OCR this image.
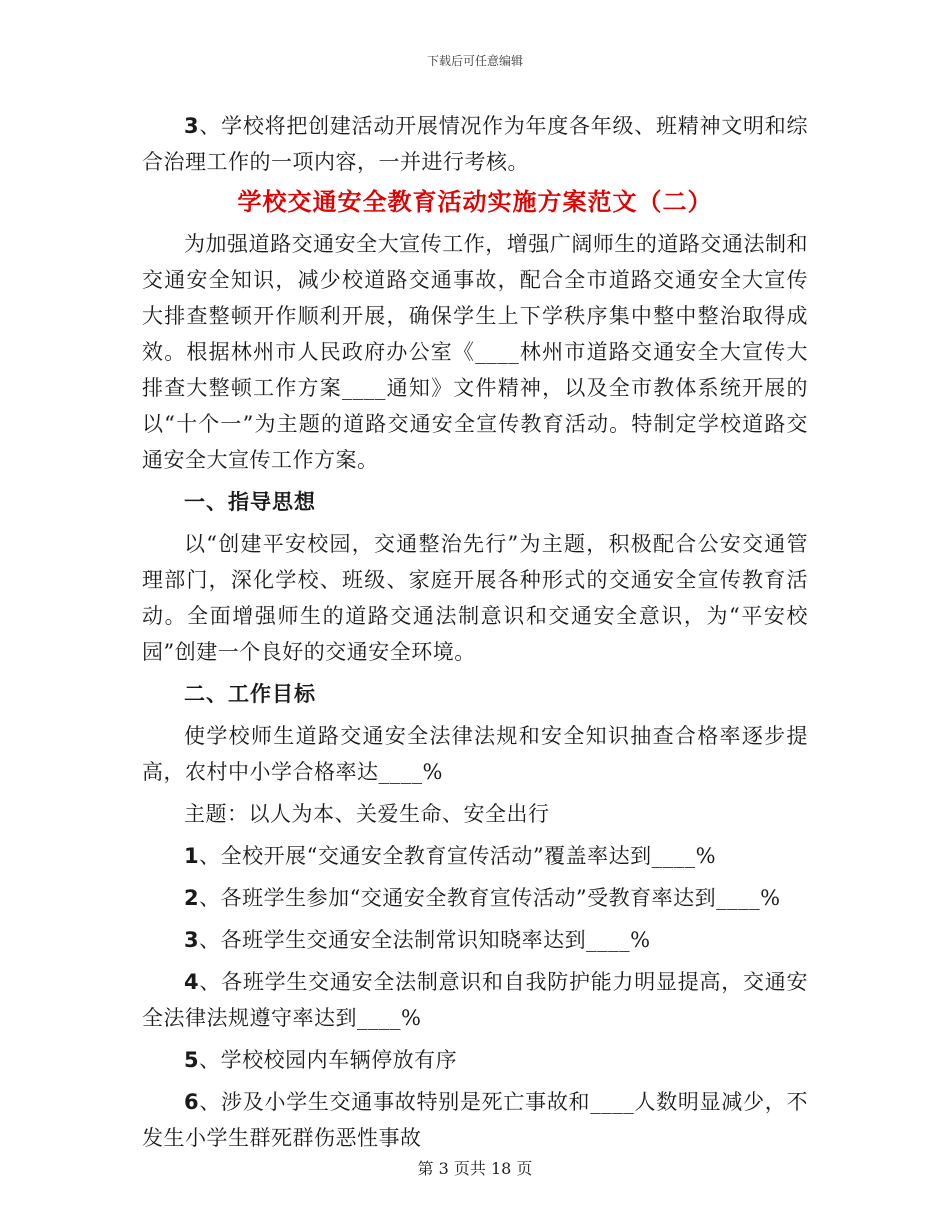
下载后可任意编辑

3、学校将把创建活动开展情况作为年度各年级、班精神文明和综合治理工作的一项内容，一并进行考核。

学校交通安全教育活动实施方案范文（二）

为加强道路交通安全大宣传工作，增强广阔师生的道路交通法制和交通安全知识，减少校道路交通事故，配合全市道路交通安全大宣传大排查整顿开作顺利开展，确保学生上下学秩序集中整中整治取得成效。根据林州市人民政府办公室《____林州市道路交通安全大宣传大排查大整顿工作方案____通知》文件精神，以及全市教体系统开展的以“十个一”为主题的道路交通安全宣传教育活动。特制定学校道路交通安全大宣传工作方案。

一、指导思想

以“创建平安校园，交通整治先行”为主题，积极配合公安交通管理部门，深化学校、班级、家庭开展各种形式的交通安全宣传教育活动。全面增强师生的道路交通法制意识和交通安全意识，为“平安校园”创建一个良好的交通安全环境。

二、工作目标

使学校师生道路交通安全法律法规和安全知识抽查合格率逐步提高，农村中小学合格率达____%

主题：以人为本、关爱生命、安全出行

1、全校开展“交通安全教育宣传活动”覆盖率达到____%

2、各班学生参加“交通安全教育宣传活动”受教育率达到____%

3、各班学生交通安全法制常识知晓率达到____%

4、各班学生交通安全法制意识和自我防护能力明显提高，交通安全法律法规遵守率达到____%

5、学校校园内车辆停放有序

6、涉及小学生交通事故特别是死亡事故和____人数明显减少，不发生小学生群死群伤恶性事故

第 3 页共 18 页
